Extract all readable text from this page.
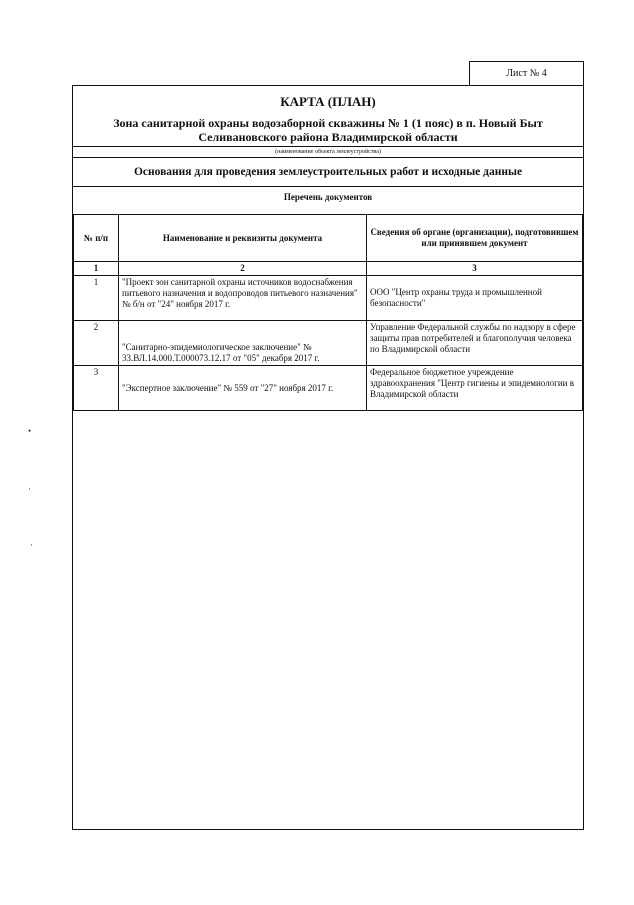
Лист № 4
КАРТА (ПЛАН)
Зона санитарной охраны водозаборной скважины № 1 (1 пояс) в п. Новый Быт Селивановского района Владимирской области
(наименование объекта землеустройства)
Основания для проведения землеустроительных работ и исходные данные
Перечень документов
№ п/п	Наименование и реквизиты документа	Сведения об органе (организации), подготовившем или принявшем документ
1	2	3
1	"Проект зон санитарной охраны источников водоснабжения питьевого назначения и водопроводов питьевого назначения" № б/н от "24" ноября 2017 г.	ООО "Центр охраны труда и промышленной безопасности"
2	"Санитарно-эпидемиологическое заключение" № 33.ВЛ.14.000.Т.000073.12.17 от "05" декабря 2017 г.	Управление Федеральной службы по надзору в сфере защиты прав потребителей и благополучия человека по Владимирской области
3	"Экспертное заключение" № 559 от "27" ноября 2017 г.	Федеральное бюджетное учреждение здравоохранения "Центр гигиены и эпидемиологии в Владимирской области
•
·
·
